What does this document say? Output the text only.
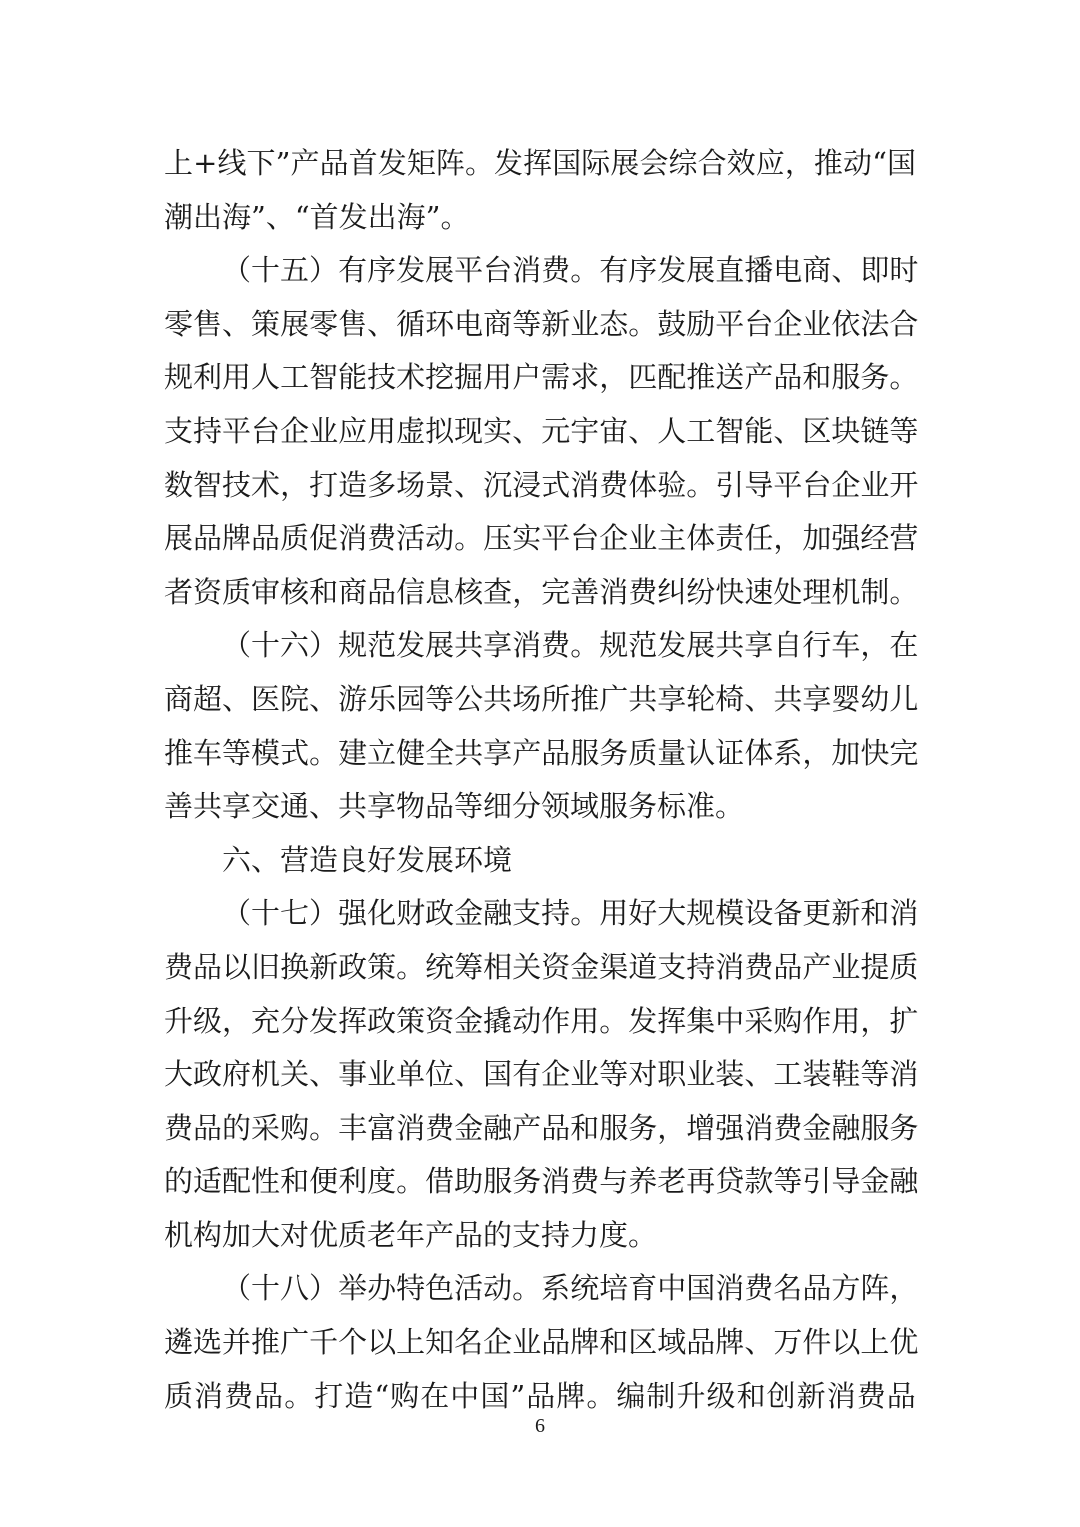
上 + 线 下 ” 产 品 首 发 矩 阵 。 发 挥 国 际 展 会 综 合 效 应 ， 推 动 “ 国
潮出海”、“首发出海”。
（ 十 五 ） 有 序 发 展 平 台 消 费 。 有 序 发 展 直 播 电 商 、 即 时
零 售 、 策 展 零 售 、 循 环 电 商 等 新 业 态 。 鼓 励 平 台 企 业 依 法 合
规 利 用 人 工 智 能 技 术 挖 掘 用 户 需 求 ， 匹 配 推 送 产 品 和 服 务 。
支 持 平 台 企 业 应 用 虚 拟 现 实 、 元 宇 宙 、 人 工 智 能 、 区 块 链 等
数 智 技 术 ， 打 造 多 场 景 、 沉 浸 式 消 费 体 验 。 引 导 平 台 企 业 开
展 品 牌 品 质 促 消 费 活 动 。 压 实 平 台 企 业 主 体 责 任 ， 加 强 经 营
者 资 质 审 核 和 商 品 信 息 核 查 ， 完 善 消 费 纠 纷 快 速 处 理 机 制 。
（ 十 六 ） 规 范 发 展 共 享 消 费 。 规 范 发 展 共 享 自 行 车 ， 在
商 超 、 医 院 、 游 乐 园 等 公 共 场 所 推 广 共 享 轮 椅 、 共 享 婴 幼 儿
推 车 等 模 式 。 建 立 健 全 共 享 产 品 服 务 质 量 认 证 体 系 ， 加 快 完
善共享交通、共享物品等细分领域服务标准。
六、营造良好发展环境
（ 十 七 ） 强 化 财 政 金 融 支 持 。 用 好 大 规 模 设 备 更 新 和 消
费 品 以 旧 换 新 政 策 。 统 筹 相 关 资 金 渠 道 支 持 消 费 品 产 业 提 质
升 级 ， 充 分 发 挥 政 策 资 金 撬 动 作 用 。 发 挥 集 中 采 购 作 用 ， 扩
大 政 府 机 关 、 事 业 单 位 、 国 有 企 业 等 对 职 业 装 、 工 装 鞋 等 消
费 品 的 采 购 。 丰 富 消 费 金 融 产 品 和 服 务 ， 增 强 消 费 金 融 服 务
的 适 配 性 和 便 利 度 。 借 助 服 务 消 费 与 养 老 再 贷 款 等 引 导 金 融
机构加大对优质老年产品的支持力度。
（ 十 八 ） 举 办 特 色 活 动 。 系 统 培 育 中 国 消 费 名 品 方 阵 ，
遴 选 并 推 广 千 个 以 上 知 名 企 业 品 牌 和 区 域 品 牌 、 万 件 以 上 优
质 消 费 品 。 打 造 “ 购 在 中 国 ” 品 牌 。 编 制 升 级 和 创 新 消 费 品
6
